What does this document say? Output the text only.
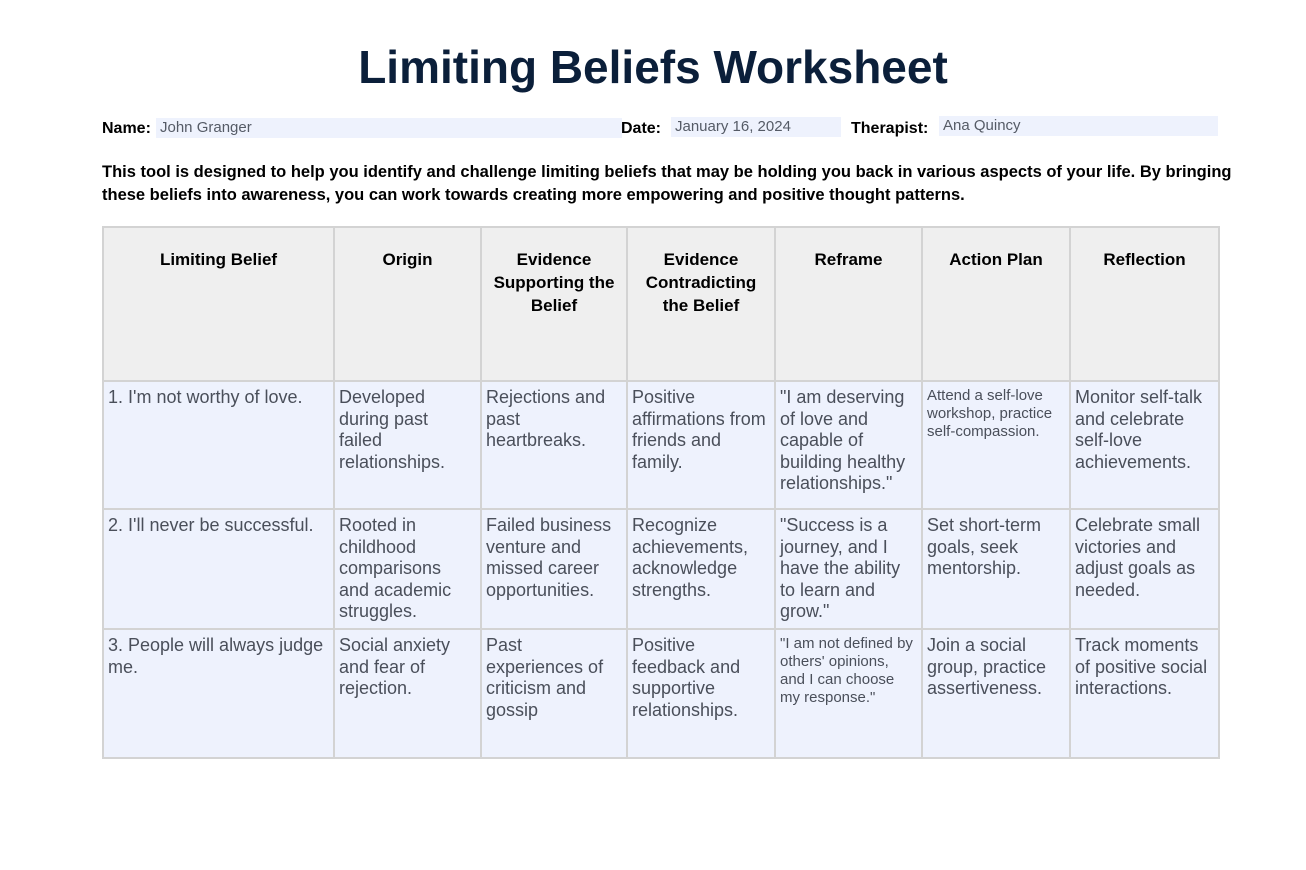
Limiting Beliefs Worksheet
Name: John Granger	Date: January 16, 2024	Therapist: Ana Quincy

This tool is designed to help you identify and challenge limiting beliefs that may be holding you back in various aspects of your life. By bringing these beliefs into awareness, you can work towards creating more empowering and positive thought patterns.

Limiting Belief	Origin	Evidence Supporting the Belief	Evidence Contradicting the Belief	Reframe	Action Plan	Reflection
1. I'm not worthy of love.	Developed during past failed relationships.	Rejections and past heartbreaks.	Positive affirmations from friends and family.	"I am deserving of love and capable of building healthy relationships."	Attend a self-love workshop, practice self-compassion.	Monitor self-talk and celebrate self-love achievements.
2. I'll never be successful.	Rooted in childhood comparisons and academic struggles.	Failed business venture and missed career opportunities.	Recognize achievements, acknowledge strengths.	"Success is a journey, and I have the ability to learn and grow."	Set short-term goals, seek mentorship.	Celebrate small victories and adjust goals as needed.
3. People will always judge me.	Social anxiety and fear of rejection.	Past experiences of criticism and gossip	Positive feedback and supportive relationships.	"I am not defined by others' opinions, and I can choose my response."	Join a social group, practice assertiveness.	Track moments of positive social interactions.
